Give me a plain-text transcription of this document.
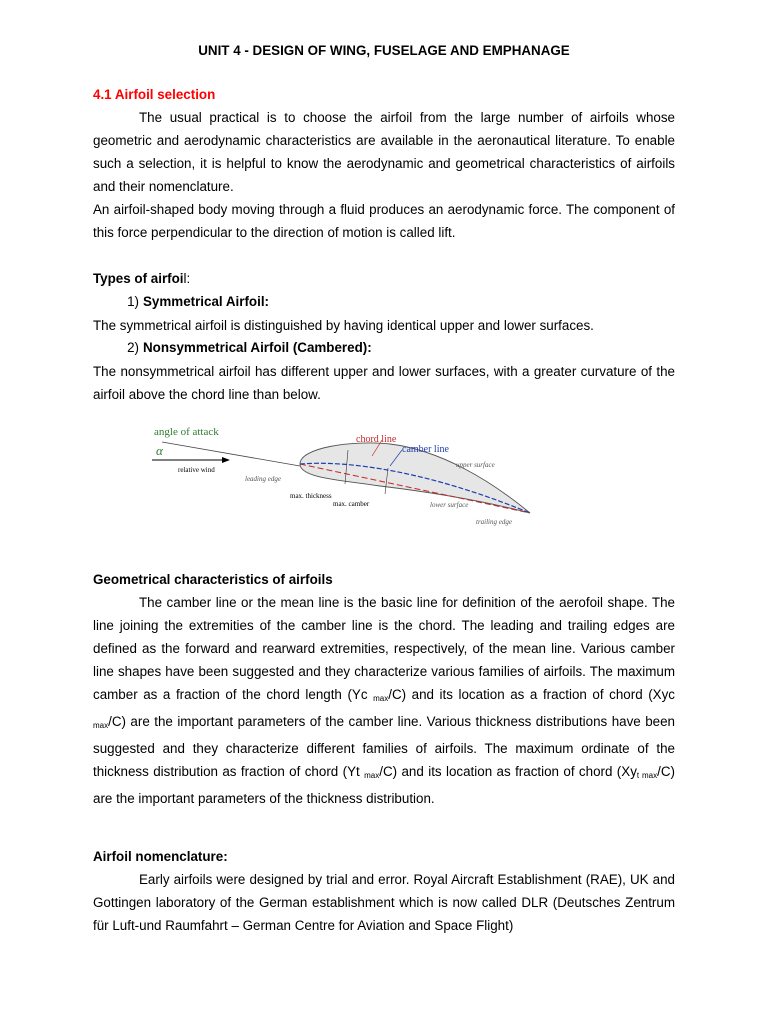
UNIT 4 - DESIGN OF WING, FUSELAGE AND EMPHANAGE
4.1 Airfoil selection
The usual practical is to choose the airfoil from the large number of airfoils whose geometric and aerodynamic characteristics are available in the aeronautical literature. To enable such a selection, it is helpful to know the aerodynamic and geometrical characteristics of airfoils and their nomenclature.
An airfoil-shaped body moving through a fluid produces an aerodynamic force. The component of this force perpendicular to the direction of motion is called lift.
Types of airfoil:
1) Symmetrical Airfoil:
The symmetrical airfoil is distinguished by having identical upper and lower surfaces.
2) Nonsymmetrical Airfoil (Cambered):
The nonsymmetrical airfoil has different upper and lower surfaces, with a greater curvature of the airfoil above the chord line than below.
Geometrical characteristics of airfoils
The camber line or the mean line is the basic line for definition of the aerofoil shape. The line joining the extremities of the camber line is the chord. The leading and trailing edges are defined as the forward and rearward extremities, respectively, of the mean line. Various camber line shapes have been suggested and they characterize various families of airfoils. The maximum camber as a fraction of the chord length (Yc $_{max}$/C) and its location as a fraction of chord (Xyc $_{max}$/C) are the important parameters of the camber line. Various thickness distributions have been suggested and they characterize different families of airfoils. The maximum ordinate of the thickness distribution as fraction of chord (Yt $_{max}$/C) and its location as fraction of chord $(Xy_{t max}/C)$ are the important parameters of the thickness distribution.
Airfoil nomenclature:
Early airfoils were designed by trial and error. Royal Aircraft Establishment (RAE), UK and Gottingen laboratory of the German establishment which is now called DLR (Deutsches Zentrum für Luft-und Raumfahrt – German Centre for Aviation and Space Flight)
angle of attack
α
relative wind
chord line
camber line
upper surface
leading edge
max. thickness
max. camber	lower surface
trailing edge
